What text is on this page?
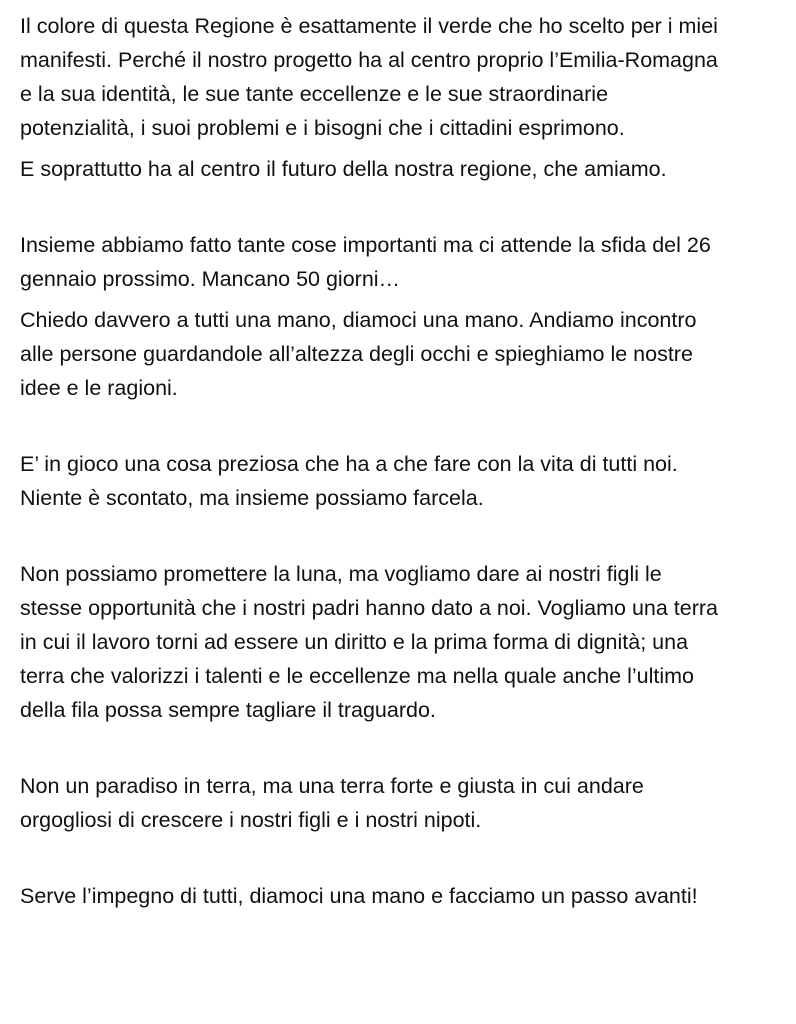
Il colore di questa Regione è esattamente il verde che ho scelto per i miei
manifesti. Perché il nostro progetto ha al centro proprio l’Emilia-Romagna
e la sua identità, le sue tante eccellenze e le sue straordinarie
potenzialità, i suoi problemi e i bisogni che i cittadini esprimono.

E soprattutto ha al centro il futuro della nostra regione, che amiamo.

Insieme abbiamo fatto tante cose importanti ma ci attende la sfida del 26
gennaio prossimo. Mancano 50 giorni…

Chiedo davvero a tutti una mano, diamoci una mano. Andiamo incontro
alle persone guardandole all’altezza degli occhi e spieghiamo le nostre
idee e le ragioni.

E’ in gioco una cosa preziosa che ha a che fare con la vita di tutti noi.
Niente è scontato, ma insieme possiamo farcela.

Non possiamo promettere la luna, ma vogliamo dare ai nostri figli le
stesse opportunità che i nostri padri hanno dato a noi. Vogliamo una terra
in cui il lavoro torni ad essere un diritto e la prima forma di dignità; una
terra che valorizzi i talenti e le eccellenze ma nella quale anche l’ultimo
della fila possa sempre tagliare il traguardo.

Non un paradiso in terra, ma una terra forte e giusta in cui andare
orgogliosi di crescere i nostri figli e i nostri nipoti.

Serve l’impegno di tutti, diamoci una mano e facciamo un passo avanti!
